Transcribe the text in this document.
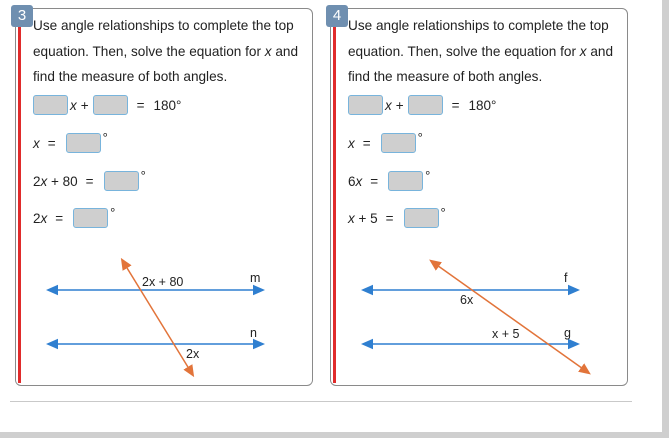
3

Use angle relationships to complete the top
equation. Then, solve the equation for x and
find the measure of both angles.

x +	= 180°
x =	°
2 x + 80 =	°
2 x =	°
2x + 80
2x
m
n
4

Use angle relationships to complete the top
equation. Then, solve the equation for x and
find the measure of both angles.

x +	= 180°
x =	°
6 x =	°
x + 5 =	°
6x
x + 5
f
g
